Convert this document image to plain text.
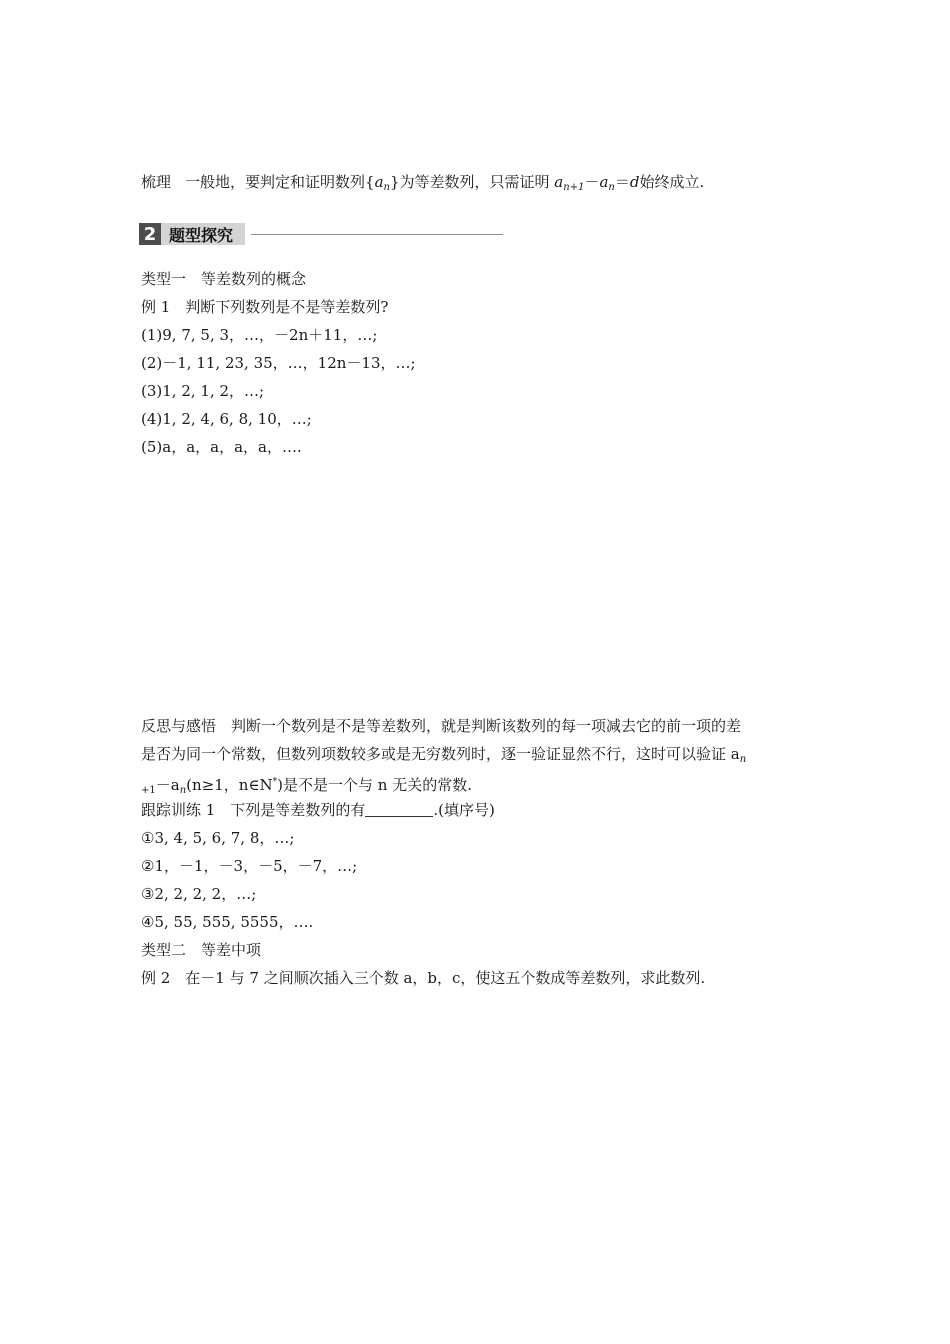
梳理 一般地，要判定和证明数列$\{a_n\}$为等差数列，只需证明 $a_{n+1}-a_n=d$始终成立.
2 题型探究
类型一　等差数列的概念
例 1　判断下列数列是不是等差数列?
(1)9, 7, 5, 3，…，－2n＋11，…;
(2)－1, 11, 23, 35，…，12n－13，…;
(3)1, 2, 1, 2，…;
(4)1, 2, 4, 6, 8, 10，…;
(5)a，a，a，a，a，….
反思与感悟　判断一个数列是不是等差数列，就是判断该数列的每一项减去它的前一项的差
是否为同一个常数，但数列项数较多或是无穷数列时，逐一验证显然不行，这时可以验证 $a_n$
$_{+1}-a_n(n\ge 1$，n∈N*)是不是一个与 n 无关的常数.
跟踪训练 1　下列是等差数列的有	.(填序号)
①3, 4, 5, 6, 7, 8，…;
②1，－1，－3，－5，－7，…;
③2, 2, 2, 2，…;
④5, 55, 555, 5555，….
类型二　等差中项
例 2　在－1 与 7 之间顺次插入三个数 a，b，c，使这五个数成等差数列，求此数列.
